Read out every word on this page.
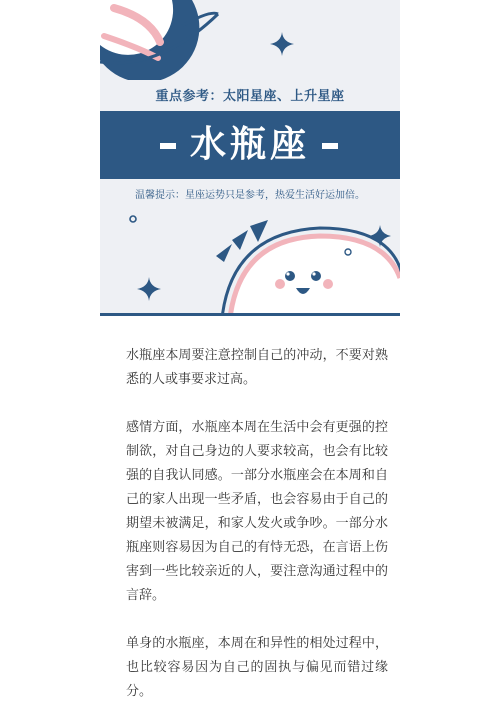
重点参考：太阳星座、上升星座
水瓶座
温馨提示：星座运势只是参考，热爱生活好运加倍。

水瓶座本周要注意控制自己的冲动，不要对熟悉的人或事要求过高。

感情方面，水瓶座本周在生活中会有更强的控制欲，对自己身边的人要求较高，也会有比较强的自我认同感。一部分水瓶座会在本周和自己的家人出现一些矛盾，也会容易由于自己的期望未被满足，和家人发火或争吵。一部分水瓶座则容易因为自己的有恃无恐，在言语上伤害到一些比较亲近的人，要注意沟通过程中的言辞。

单身的水瓶座，本周在和异性的相处过程中，也比较容易因为自己的固执与偏见而错过缘分。
